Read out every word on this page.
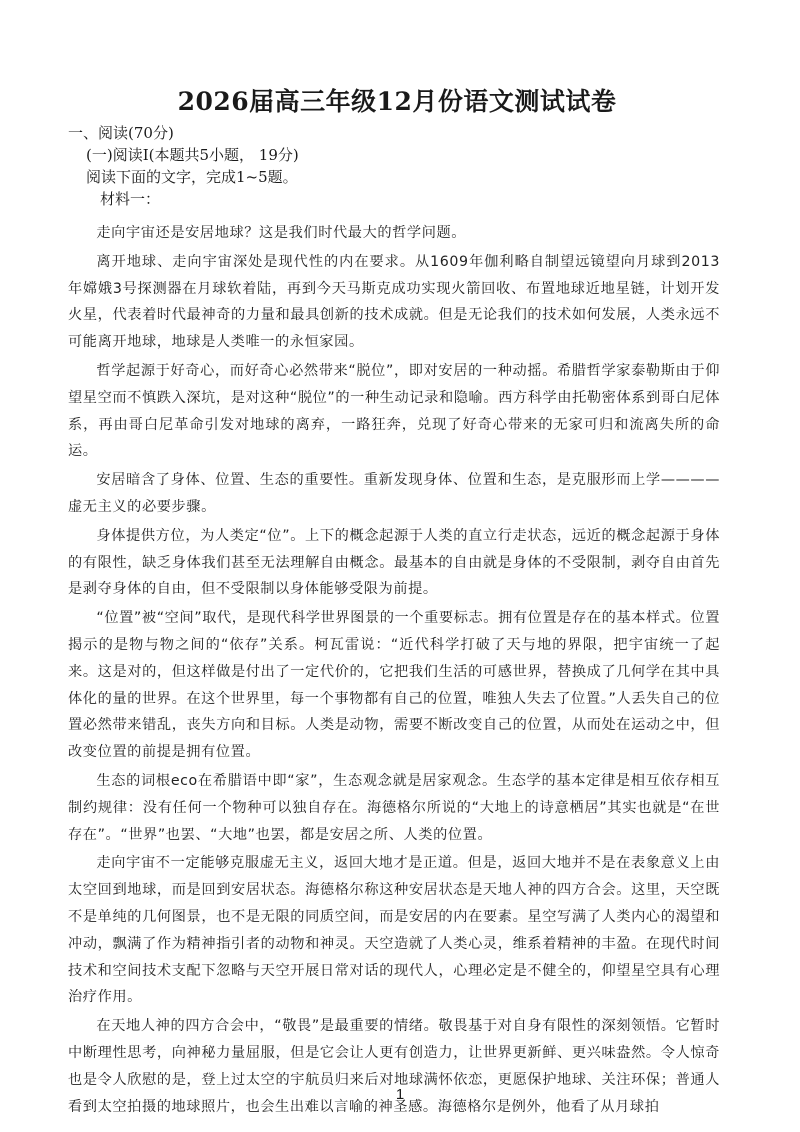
2026届高三年级12月份语文测试试卷

一、阅读(70分)

(一)阅读Ⅰ(本题共5小题， 19分)

阅读下面的文字，完成1~5题。

材料一：

走向宇宙还是安居地球？这是我们时代最大的哲学问题。

离开地球、走向宇宙深处是现代性的内在要求。从1609年伽利略自制望远镜望向月球到2013年嫦娥3号探测器在月球软着陆，再到今天马斯克成功实现火箭回收、布置地球近地星链，计划开发火星，代表着时代最神奇的力量和最具创新的技术成就。但是无论我们的技术如何发展，人类永远不可能离开地球，地球是人类唯一的永恒家园。

哲学起源于好奇心，而好奇心必然带来“脱位”，即对安居的一种动摇。希腊哲学家泰勒斯由于仰望星空而不慎跌入深坑，是对这种“脱位”的一种生动记录和隐喻。西方科学由托勒密体系到哥白尼体系，再由哥白尼革命引发对地球的离弃，一路狂奔，兑现了好奇心带来的无家可归和流离失所的命运。

安居暗含了身体、位置、生态的重要性。重新发现身体、位置和生态，是克服形而上学————虚无主义的必要步骤。

身体提供方位，为人类定“位”。上下的概念起源于人类的直立行走状态，远近的概念起源于身体的有限性，缺乏身体我们甚至无法理解自由概念。最基本的自由就是身体的不受限制，剥夺自由首先是剥夺身体的自由，但不受限制以身体能够受限为前提。

“位置”被“空间”取代，是现代科学世界图景的一个重要标志。拥有位置是存在的基本样式。位置揭示的是物与物之间的“依存”关系。柯瓦雷说：“近代科学打破了天与地的界限，把宇宙统一了起来。这是对的，但这样做是付出了一定代价的，它把我们生活的可感世界，替换成了几何学在其中具体化的量的世界。在这个世界里，每一个事物都有自己的位置，唯独人失去了位置。”人丢失自己的位置必然带来错乱，丧失方向和目标。人类是动物，需要不断改变自己的位置，从而处在运动之中，但改变位置的前提是拥有位置。

生态的词根eco在希腊语中即“家”，生态观念就是居家观念。生态学的基本定律是相互依存相互制约规律：没有任何一个物种可以独自存在。海德格尔所说的“大地上的诗意栖居”其实也就是“在世存在”。“世界”也罢、“大地”也罢，都是安居之所、人类的位置。

走向宇宙不一定能够克服虚无主义，返回大地才是正道。但是，返回大地并不是在表象意义上由太空回到地球，而是回到安居状态。海德格尔称这种安居状态是天地人神的四方合会。这里，天空既不是单纯的几何图景，也不是无限的同质空间，而是安居的内在要素。星空写满了人类内心的渴望和冲动，飘满了作为精神指引者的动物和神灵。天空造就了人类心灵，维系着精神的丰盈。在现代时间技术和空间技术支配下忽略与天空开展日常对话的现代人，心理必定是不健全的，仰望星空具有心理治疗作用。

在天地人神的四方合会中，“敬畏”是最重要的情绪。敬畏基于对自身有限性的深刻领悟。它暂时中断理性思考，向神秘力量屈服，但是它会让人更有创造力，让世界更新鲜、更兴味盎然。令人惊奇也是令人欣慰的是，登上过太空的宇航员归来后对地球满怀依恋，更愿保护地球、关注环保；普通人看到太空拍摄的地球照片，也会生出难以言喻的神圣感。海德格尔是例外，他看了从月球拍

1
